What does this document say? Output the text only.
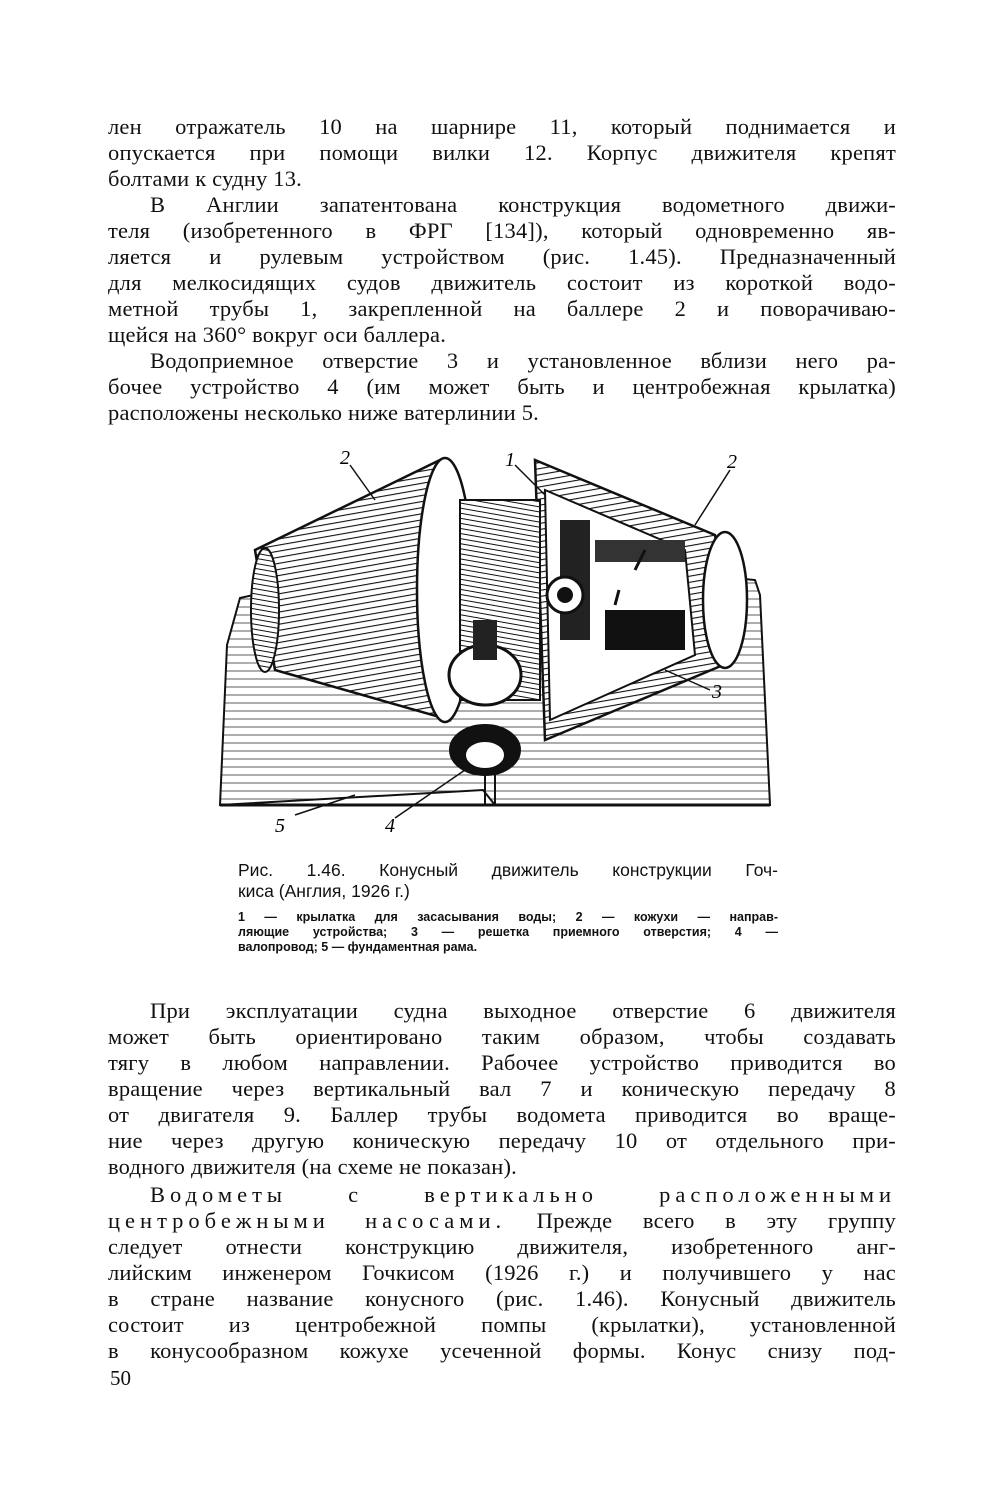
лен отражатель 10 на шарнире 11, который поднимается и
опускается при помощи вилки 12. Корпус движителя крепят
болтами к судну 13.
В Англии запатентована конструкция водометного движи-
теля (изобретенного в ФРГ [134]), который одновременно яв-
ляется и рулевым устройством (рис. 1.45). Предназначенный
для мелкосидящих судов движитель состоит из короткой водо-
метной трубы 1, закрепленной на баллере 2 и поворачиваю-
щейся на 360° вокруг оси баллера.
Водоприемное отверстие 3 и установленное вблизи него ра-
бочее устройство 4 (им может быть и центробежная крылатка)
расположены несколько ниже ватерлинии 5.
2	1	2
3
4
5
Рис. 1.46. Конусный движитель конструкции Гоч-
киса (Англия, 1926 г.)
1 — крылатка для засасывания воды; 2 — кожухи — направ-
ляющие устройства; 3 — решетка приемного отверстия; 4 —
валопровод; 5 — фундаментная рама.
При эксплуатации судна выходное отверстие 6 движителя
может быть ориентировано таким образом, чтобы создавать
тягу в любом направлении. Рабочее устройство приводится во
вращение через вертикальный вал 7 и коническую передачу 8
от двигателя 9. Баллер трубы водомета приводится во враще-
ние через другую коническую передачу 10 от отдельного при-
водного движителя (на схеме не показан).
Водометы с вертикально расположенными
центробежными насосами. Прежде всего в эту группу
следует отнести конструкцию движителя, изобретенного анг-
лийским инженером Гочкисом (1926 г.) и получившего у нас
в стране название конусного (рис. 1.46). Конусный движитель
состоит из центробежной помпы (крылатки), установленной
в конусообразном кожухе усеченной формы. Конус снизу под-
50
